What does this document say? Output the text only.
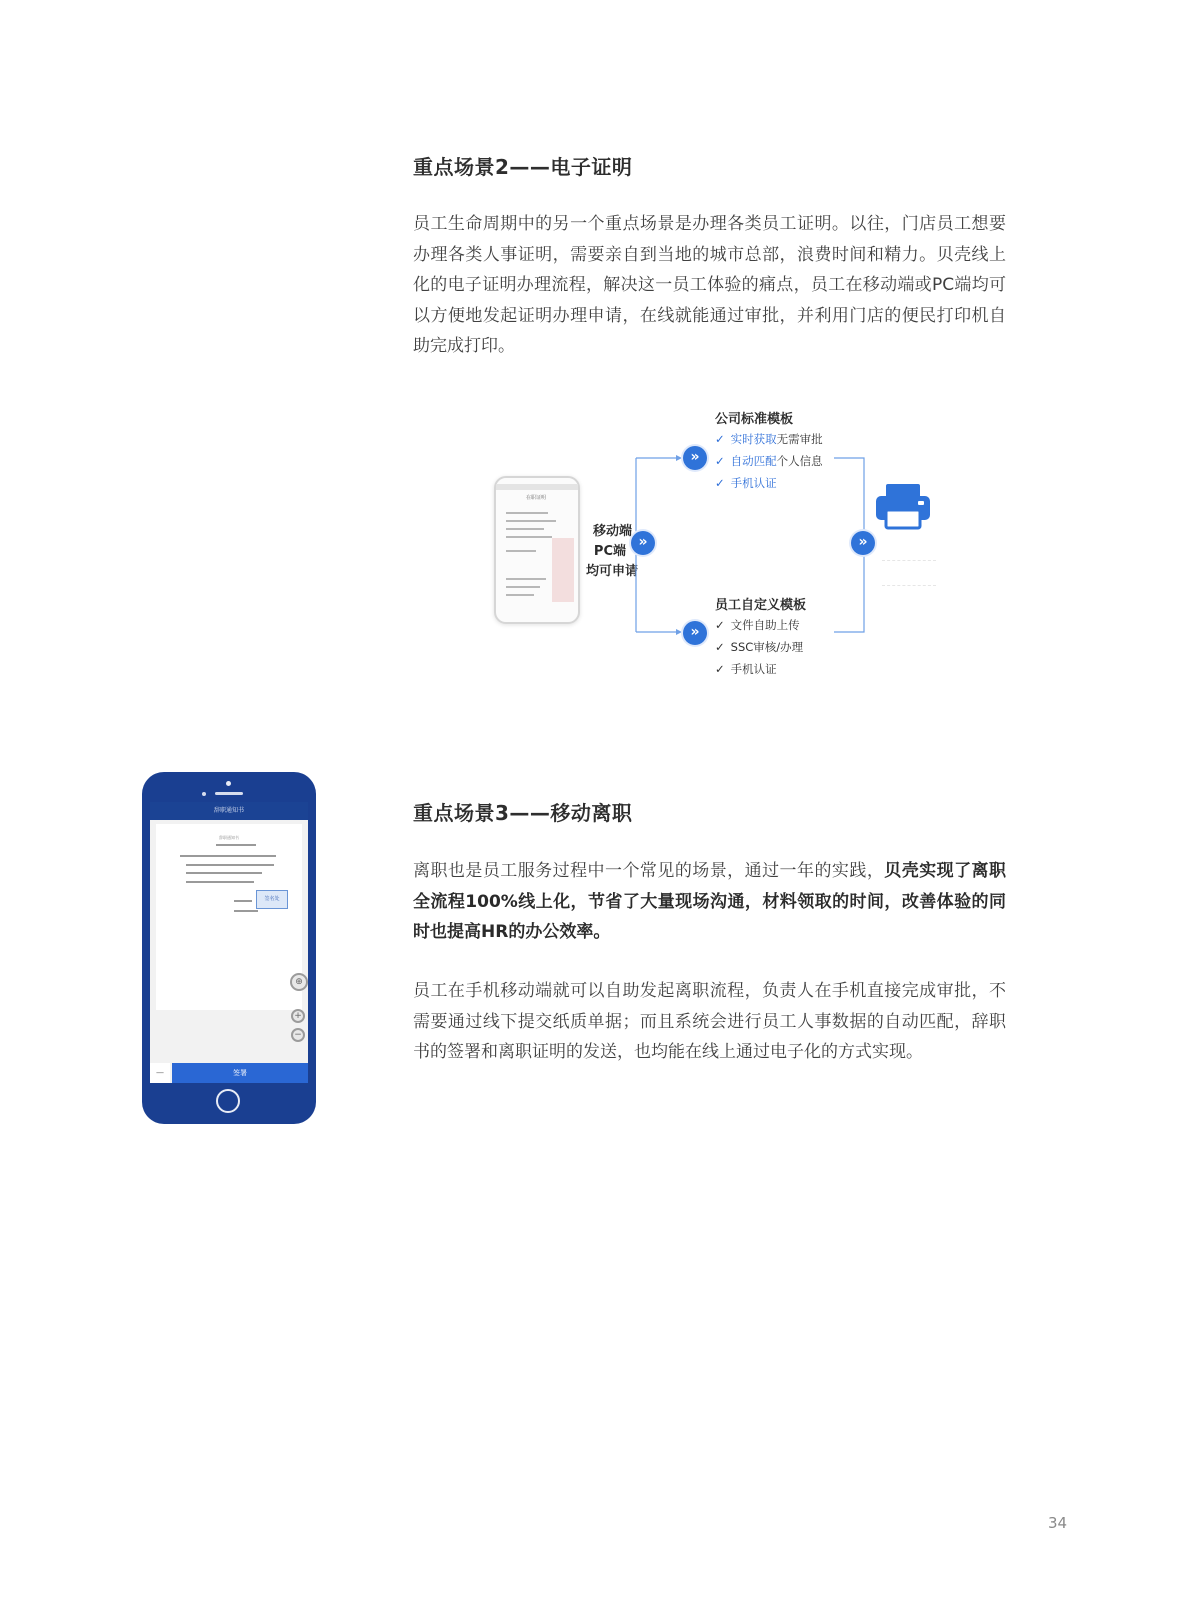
重点场景2——电子证明
员工生命周期中的另一个重点场景是办理各类员工证明。以往，门店员工想要办理各类人事证明，需要亲自到当地的城市总部，浪费时间和精力。贝壳线上化的电子证明办理流程，解决这一员工体验的痛点，员工在移动端或PC端均可以方便地发起证明办理申请，在线就能通过审批，并利用门店的便民打印机自助完成打印。
在职证明
移动端
PC端
均可申请
»
»
»
»
公司标准模板
✓ 实时获取无需审批
✓ 自动匹配个人信息
✓ 手机认证
员工自定义模板
✓ 文件自助上传
✓ SSC审核/办理
✓ 手机认证
辞职通知书
辞职通知书
签名处
⊕
+
−
—	签署
重点场景3——移动离职
离职也是员工服务过程中一个常见的场景，通过一年的实践，贝壳实现了离职全流程100%线上化，节省了大量现场沟通，材料领取的时间，改善体验的同时也提高HR的办公效率。
员工在手机移动端就可以自助发起离职流程，负责人在手机直接完成审批，不需要通过线下提交纸质单据；而且系统会进行员工人事数据的自动匹配，辞职书的签署和离职证明的发送，也均能在线上通过电子化的方式实现。
34
